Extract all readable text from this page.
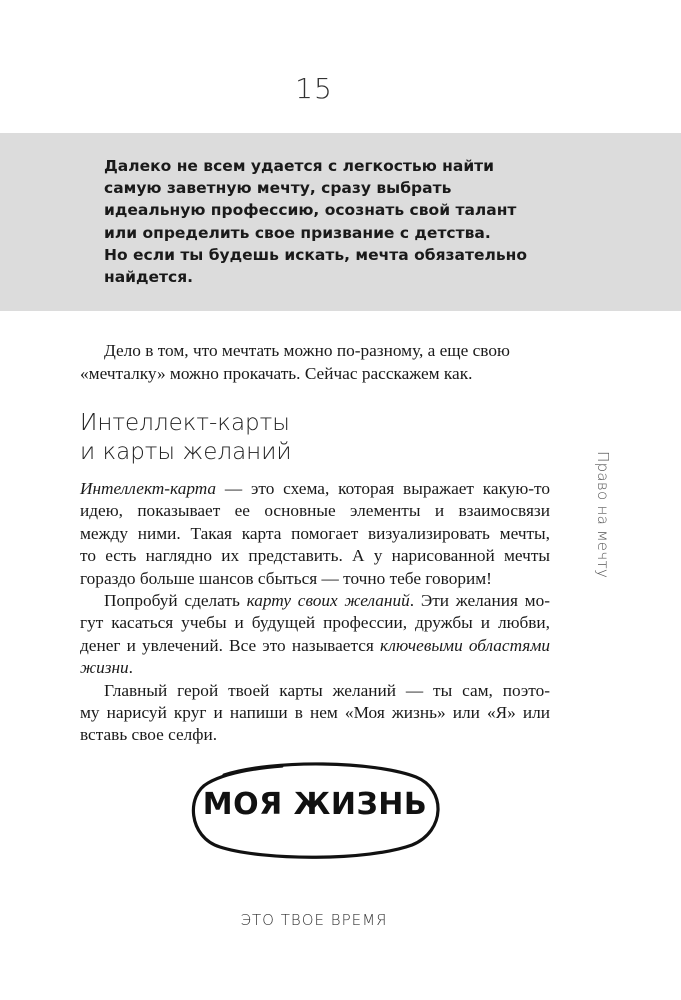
15
Далеко не всем удается с легкостью найти
самую заветную мечту, сразу выбрать
идеальную профессию, осознать свой талант
или определить свое призвание с детства.
Но если ты будешь искать, мечта обязательно
найдется.
Дело в том, что мечтать можно по-разному, а еще свою
«мечталку» можно прокачать. Сейчас расскажем как.
Интеллект-карты
и карты желаний	Право на мечту
Интеллект-карта — это схема, которая выражает какую-то
идею, показывает ее основные элементы и взаимосвязи
между ними. Такая карта помогает визуализировать мечты,
то есть наглядно их представить. А у нарисованной мечты
гораздо больше шансов сбыться — точно тебе говорим!
Попробуй сделать карту своих желаний. Эти желания мо-
гут касаться учебы и будущей профессии, дружбы и любви,
денег и увлечений. Все это называется ключевыми областями
жизни.
Главный герой твоей карты желаний — ты сам, поэто-
му нарисуй круг и напиши в нем «Моя жизнь» или «Я» или
вставь свое селфи.
МОЯ ЖИЗНЬ
ЭТО ТВОЕ ВРЕМЯ
